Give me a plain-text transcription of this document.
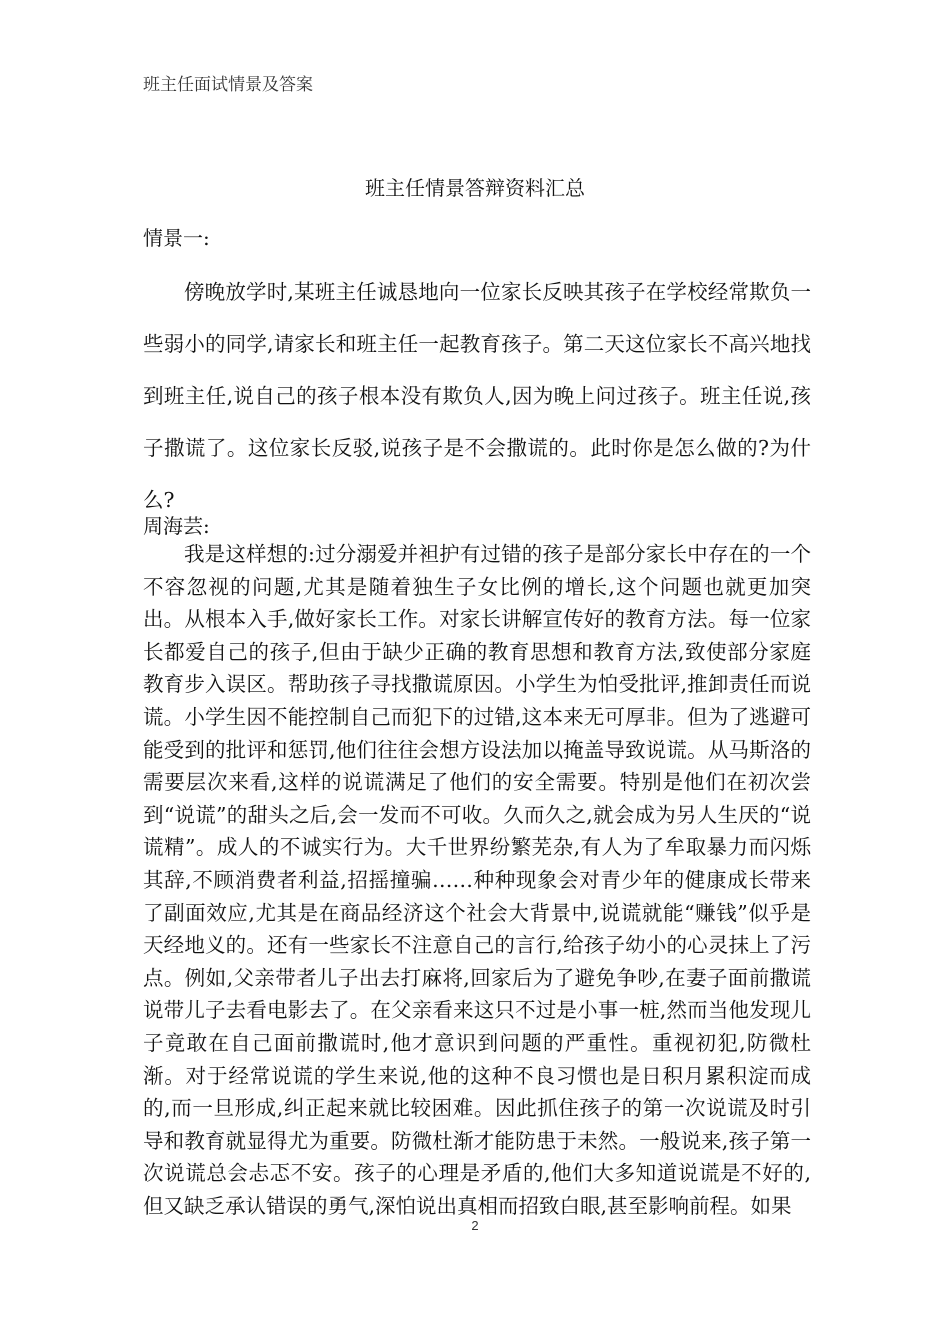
班主任面试情景及答案
班主任情景答辩资料汇总
情景一:

傍晚放学时,某班主任诚恳地向一位家长反映其孩子在学校经常欺负一些弱小的同学,请家长和班主任一起教育孩子。第二天这位家长不高兴地找到班主任,说自己的孩子根本没有欺负人,因为晚上问过孩子。班主任说,孩子撒谎了。这位家长反驳,说孩子是不会撒谎的。此时你是怎么做的?为什么?

周海芸:

我是这样想的:过分溺爱并袒护有过错的孩子是部分家长中存在的一个不容忽视的问题,尤其是随着独生子女比例的增长,这个问题也就更加突出。从根本入手,做好家长工作。对家长讲解宣传好的教育方法。每一位家长都爱自己的孩子,但由于缺少正确的教育思想和教育方法,致使部分家庭教育步入误区。帮助孩子寻找撒谎原因。小学生为怕受批评,推卸责任而说谎。小学生因不能控制自己而犯下的过错,这本来无可厚非。但为了逃避可能受到的批评和惩罚,他们往往会想方设法加以掩盖导致说谎。从马斯洛的需要层次来看,这样的说谎满足了他们的安全需要。特别是他们在初次尝到“说谎”的甜头之后,会一发而不可收。久而久之,就会成为另人生厌的“说谎精”。成人的不诚实行为。大千世界纷繁芜杂,有人为了牟取暴力而闪烁其辞,不顾消费者利益,招摇撞骗……种种现象会对青少年的健康成长带来了副面效应,尤其是在商品经济这个社会大背景中,说谎就能“赚钱”似乎是天经地义的。还有一些家长不注意自己的言行,给孩子幼小的心灵抹上了污点。例如,父亲带者儿子出去打麻将,回家后为了避免争吵,在妻子面前撒谎说带儿子去看电影去了。在父亲看来这只不过是小事一桩,然而当他发现儿子竟敢在自己面前撒谎时,他才意识到问题的严重性。重视初犯,防微杜渐。对于经常说谎的学生来说,他的这种不良习惯也是日积月累积淀而成的,而一旦形成,纠正起来就比较困难。因此抓住孩子的第一次说谎及时引导和教育就显得尤为重要。防微杜渐才能防患于未然。一般说来,孩子第一次说谎总会忐忑不安。孩子的心理是矛盾的,他们大多知道说谎是不好的,但又缺乏承认错误的勇气,深怕说出真相而招致白眼,甚至影响前程。如果

2
